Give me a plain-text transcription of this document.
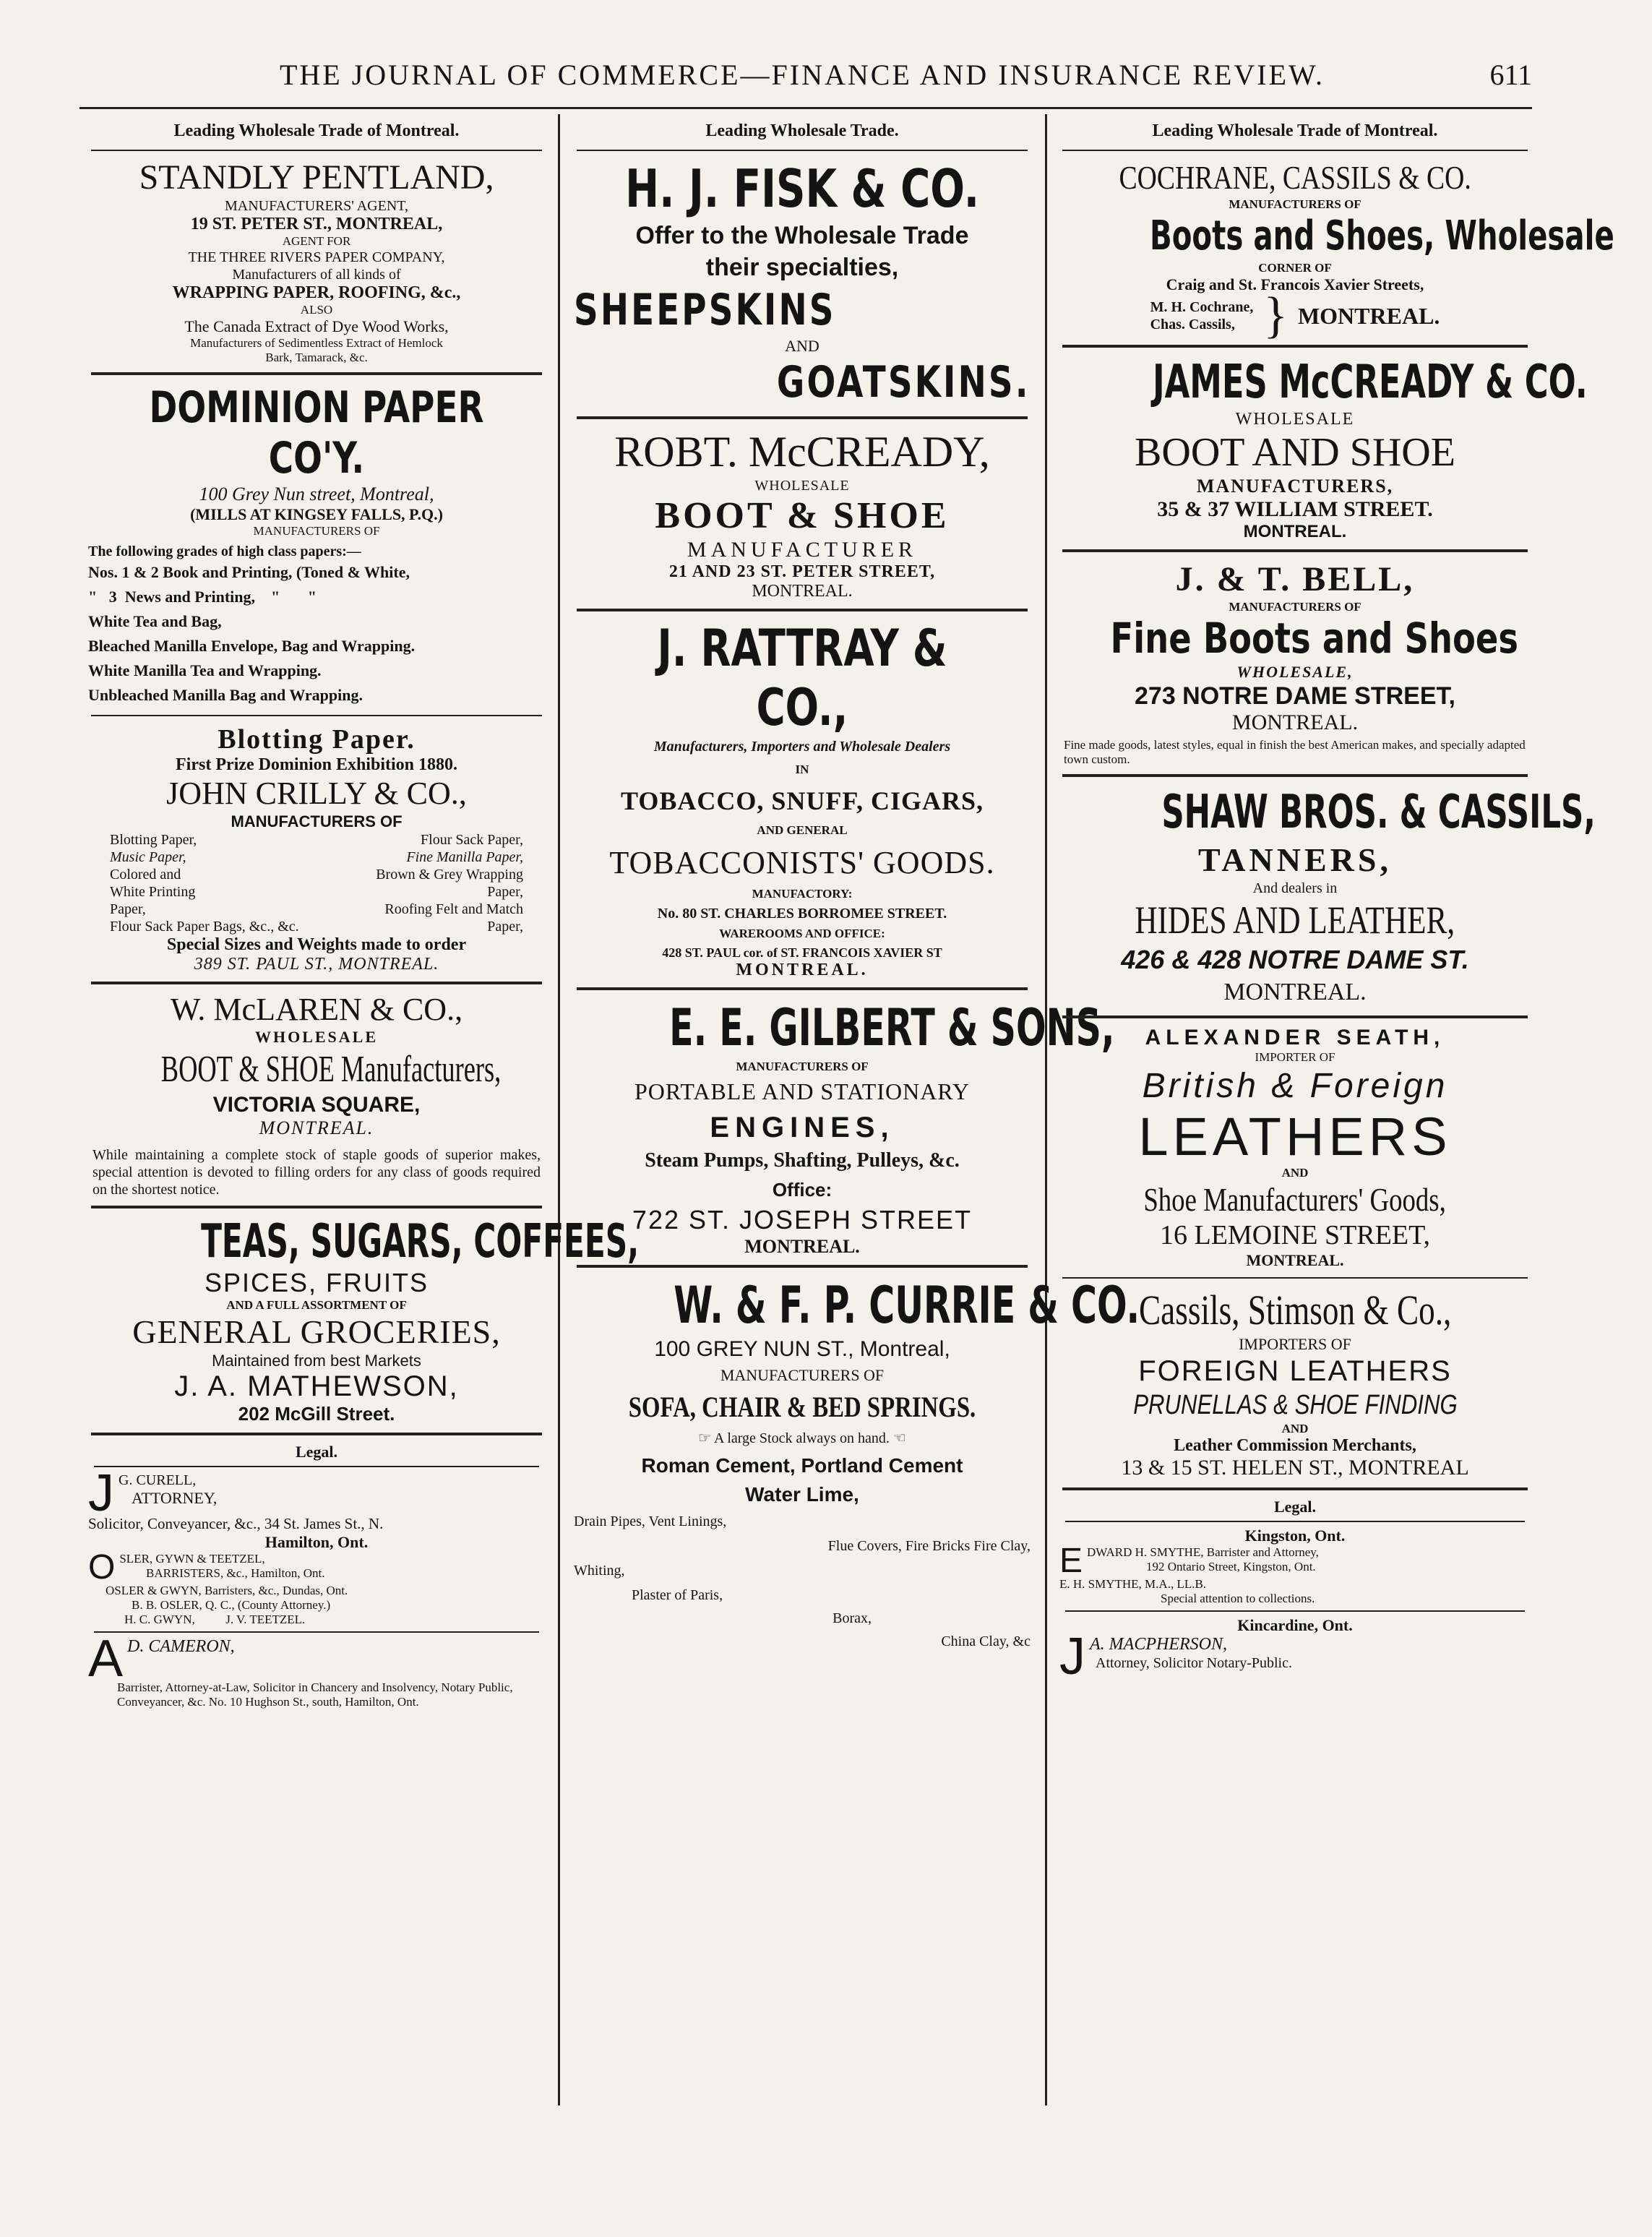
THE JOURNAL OF COMMERCE—FINANCE AND INSURANCE REVIEW.	611
Leading Wholesale Trade of Montreal.
STANDLY PENTLAND,
MANUFACTURERS' AGENT,
19 ST. PETER ST., MONTREAL,
AGENT FOR
THE THREE RIVERS PAPER COMPANY,
Manufacturers of all kinds of
WRAPPING PAPER, ROOFING, &c.,
ALSO
The Canada Extract of Dye Wood Works,
Manufacturers of Sedimentless Extract of Hemlock
Bark, Tamarack, &c.
DOMINION PAPER CO'Y.
100 Grey Nun street, Montreal,
(MILLS AT KINGSEY FALLS, P.Q.)
MANUFACTURERS OF
The following grades of high class papers:—
Nos. 1 & 2 Book and Printing, (Toned & White,
"   3  News and Printing,    "       "
White Tea and Bag,
Bleached Manilla Envelope, Bag and Wrapping.
White Manilla Tea and Wrapping.
Unbleached Manilla Bag and Wrapping.
Blotting Paper.
First Prize Dominion Exhibition 1880.
JOHN CRILLY & CO.,
MANUFACTURERS OF
Blotting Paper,	Flour Sack Paper,
Music Paper,	Fine Manilla Paper,
Colored and	Brown & Grey Wrapping
White Printing	Paper,
Paper,	Roofing Felt and Match
Flour Sack Paper Bags, &c., &c.	Paper,
Special Sizes and Weights made to order
389 ST. PAUL ST., MONTREAL.
W. McLAREN & CO.,
WHOLESALE
BOOT & SHOE Manufacturers,
VICTORIA SQUARE,
MONTREAL.
While maintaining a complete stock of staple goods of superior makes, special attention is devoted to filling orders for any class of goods required on the shortest notice.
TEAS, SUGARS, COFFEES,
SPICES, FRUITS
AND A FULL ASSORTMENT OF
GENERAL GROCERIES,
Maintained from best Markets
J. A. MATHEWSON,
202 McGill Street.
Legal.
J G. CURELL,
ATTORNEY,
Solicitor, Conveyancer, &c., 34 St. James St., N.
Hamilton, Ont.
O SLER, GYWN & TEETZEL,
BARRISTERS, &c., Hamilton, Ont.
OSLER & GWYN, Barristers, &c., Dundas, Ont.
B. B. OSLER, Q. C., (County Attorney.)
H. C. GWYN,          J. V. TEETZEL.
A D. CAMERON,
Barrister, Attorney-at-Law, Solicitor in Chancery and Insolvency, Notary Public, Conveyancer, &c. No. 10 Hughson St., south, Hamilton, Ont.
Leading Wholesale Trade.
H. J. FISK & CO.
Offer to the Wholesale Trade
their specialties,
SHEEPSKINS
AND
GOATSKINS.
ROBT. McCREADY,
WHOLESALE
BOOT & SHOE
MANUFACTURER
21 AND 23 ST. PETER STREET,
MONTREAL.
J. RATTRAY & CO.,
Manufacturers, Importers and Wholesale Dealers
IN
TOBACCO, SNUFF, CIGARS,
AND GENERAL
TOBACCONISTS' GOODS.
MANUFACTORY:
No. 80 ST. CHARLES BORROMEE STREET.
WAREROOMS AND OFFICE:
428 ST. PAUL cor. of ST. FRANCOIS XAVIER ST
MONTREAL.
E. E. GILBERT & SONS,
MANUFACTURERS OF
PORTABLE AND STATIONARY
ENGINES,
Steam Pumps, Shafting, Pulleys, &c.
Office:
722 ST. JOSEPH STREET
MONTREAL.
W. & F. P. CURRIE & CO.
100 GREY NUN ST., Montreal,
MANUFACTURERS OF
SOFA, CHAIR & BED SPRINGS.
☞ A large Stock always on hand. ☜
Roman Cement, Portland Cement
Water Lime,
Drain Pipes, Vent Linings,
Flue Covers, Fire Bricks Fire Clay,
Whiting,
Plaster of Paris,
Borax,
China Clay, &c
Leading Wholesale Trade of Montreal.
COCHRANE, CASSILS & CO.
MANUFACTURERS OF
Boots and Shoes, Wholesale
CORNER OF
Craig and St. Francois Xavier Streets,
M. H. Cochrane,
Chas. Cassils, } MONTREAL.
JAMES McCREADY & CO.
WHOLESALE
BOOT AND SHOE
MANUFACTURERS,
35 & 37 WILLIAM STREET.
MONTREAL.
J. & T. BELL,
MANUFACTURERS OF
Fine Boots and Shoes
WHOLESALE,
273 NOTRE DAME STREET,
MONTREAL.
Fine made goods, latest styles, equal in finish the best American makes, and specially adapted town custom.
SHAW BROS. & CASSILS,
TANNERS,
And dealers in
HIDES AND LEATHER,
426 & 428 NOTRE DAME ST.
MONTREAL.
ALEXANDER SEATH,
IMPORTER OF
British & Foreign
LEATHERS
AND
Shoe Manufacturers' Goods,
16 LEMOINE STREET,
MONTREAL.
Cassils, Stimson & Co.,
IMPORTERS OF
FOREIGN LEATHERS
PRUNELLAS & SHOE FINDING
AND
Leather Commission Merchants,
13 & 15 ST. HELEN ST., MONTREAL
Legal.
Kingston, Ont.
E DWARD H. SMYTHE, Barrister and Attorney,
192 Ontario Street, Kingston, Ont.
E. H. SMYTHE, M.A., LL.B.
Special attention to collections.
Kincardine, Ont.
J A. MACPHERSON,
Attorney, Solicitor Notary-Public.
